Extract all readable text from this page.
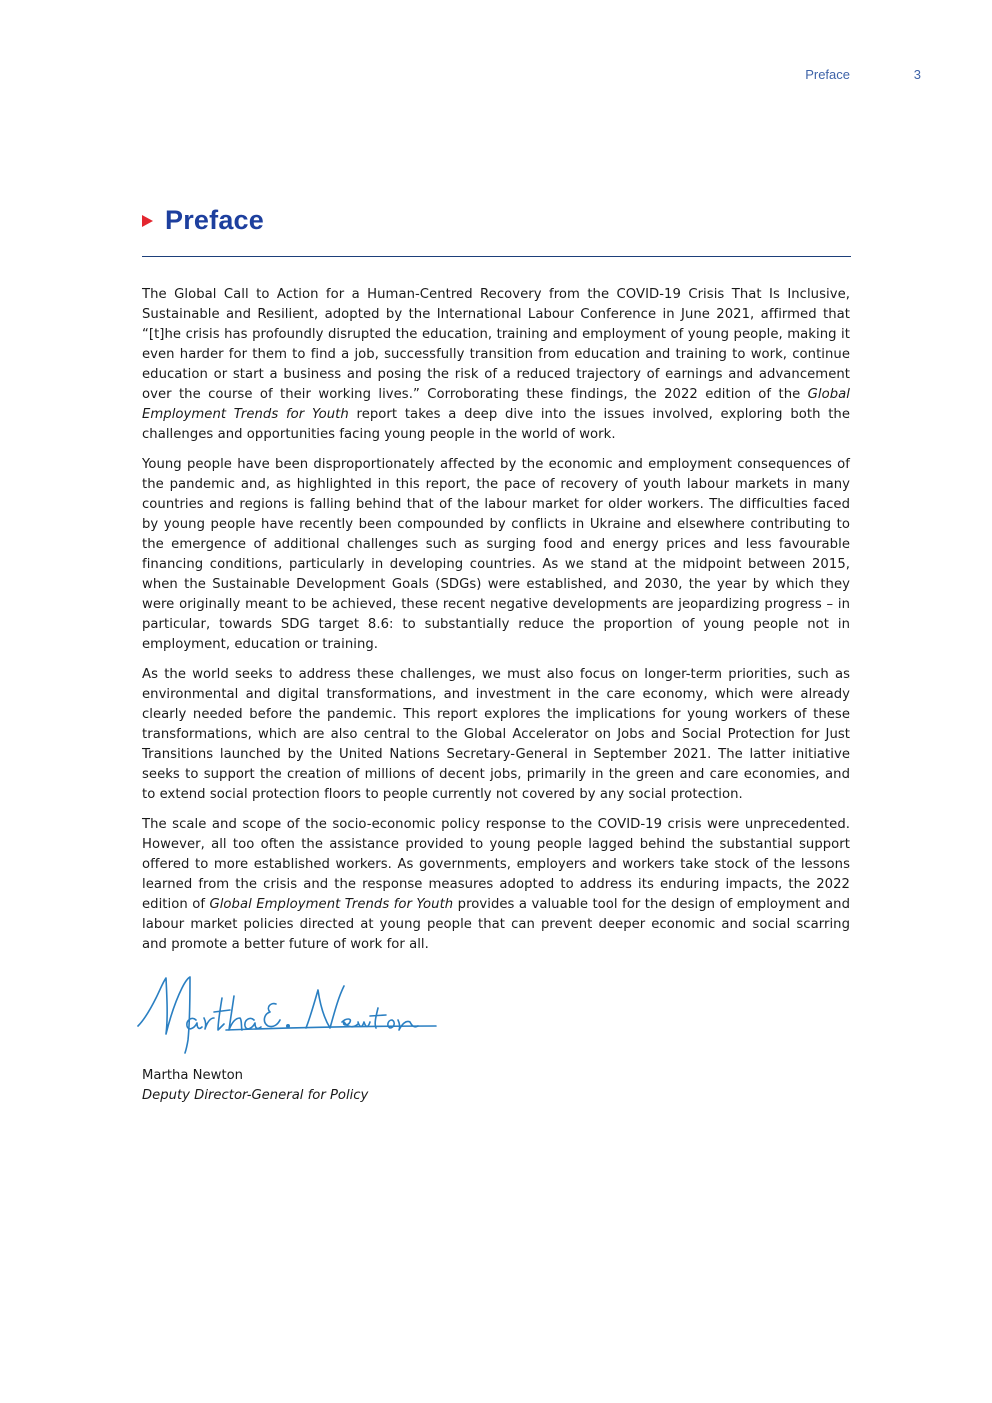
Preface	3
Preface

The Global Call to Action for a Human-Centred Recovery from the COVID-19 Crisis That Is Inclusive, Sustainable and Resilient, adopted by the International Labour Conference in June 2021, affirmed that “[t]he crisis has profoundly disrupted the education, training and employment of young people, making it even harder for them to find a job, successfully transition from education and training to work, continue education or start a business and posing the risk of a reduced trajectory of earnings and advancement over the course of their working lives.” Corroborating these findings, the 2022 edition of the Global Employment Trends for Youth report takes a deep dive into the issues involved, exploring both the challenges and opportunities facing young people in the world of work.

Young people have been disproportionately affected by the economic and employment consequences of the pandemic and, as highlighted in this report, the pace of recovery of youth labour markets in many countries and regions is falling behind that of the labour market for older workers. The difficulties faced by young people have recently been compounded by conflicts in Ukraine and elsewhere contributing to the emergence of additional challenges such as surging food and energy prices and less favourable financing conditions, particularly in developing countries. As we stand at the midpoint between 2015, when the Sustainable Development Goals (SDGs) were established, and 2030, the year by which they were originally meant to be achieved, these recent negative developments are jeopardizing progress – in particular, towards SDG target 8.6: to substantially reduce the proportion of young people not in employment, education or training.

As the world seeks to address these challenges, we must also focus on longer-term priorities, such as environmental and digital transformations, and investment in the care economy, which were already clearly needed before the pandemic. This report explores the implications for young workers of these transformations, which are also central to the Global Accelerator on Jobs and Social Protection for Just Transitions launched by the United Nations Secretary-General in September 2021. The latter initiative seeks to support the creation of millions of decent jobs, primarily in the green and care economies, and to extend social protection floors to people currently not covered by any social protection.

The scale and scope of the socio-economic policy response to the COVID-19 crisis were unprecedented. However, all too often the assistance provided to young people lagged behind the substantial support offered to more established workers. As governments, employers and workers take stock of the lessons learned from the crisis and the response measures adopted to address its enduring impacts, the 2022 edition of Global Employment Trends for Youth provides a valuable tool for the design of employment and labour market policies directed at young people that can prevent deeper economic and social scarring and promote a better future of work for all.

Martha Newton
Deputy Director-General for Policy
